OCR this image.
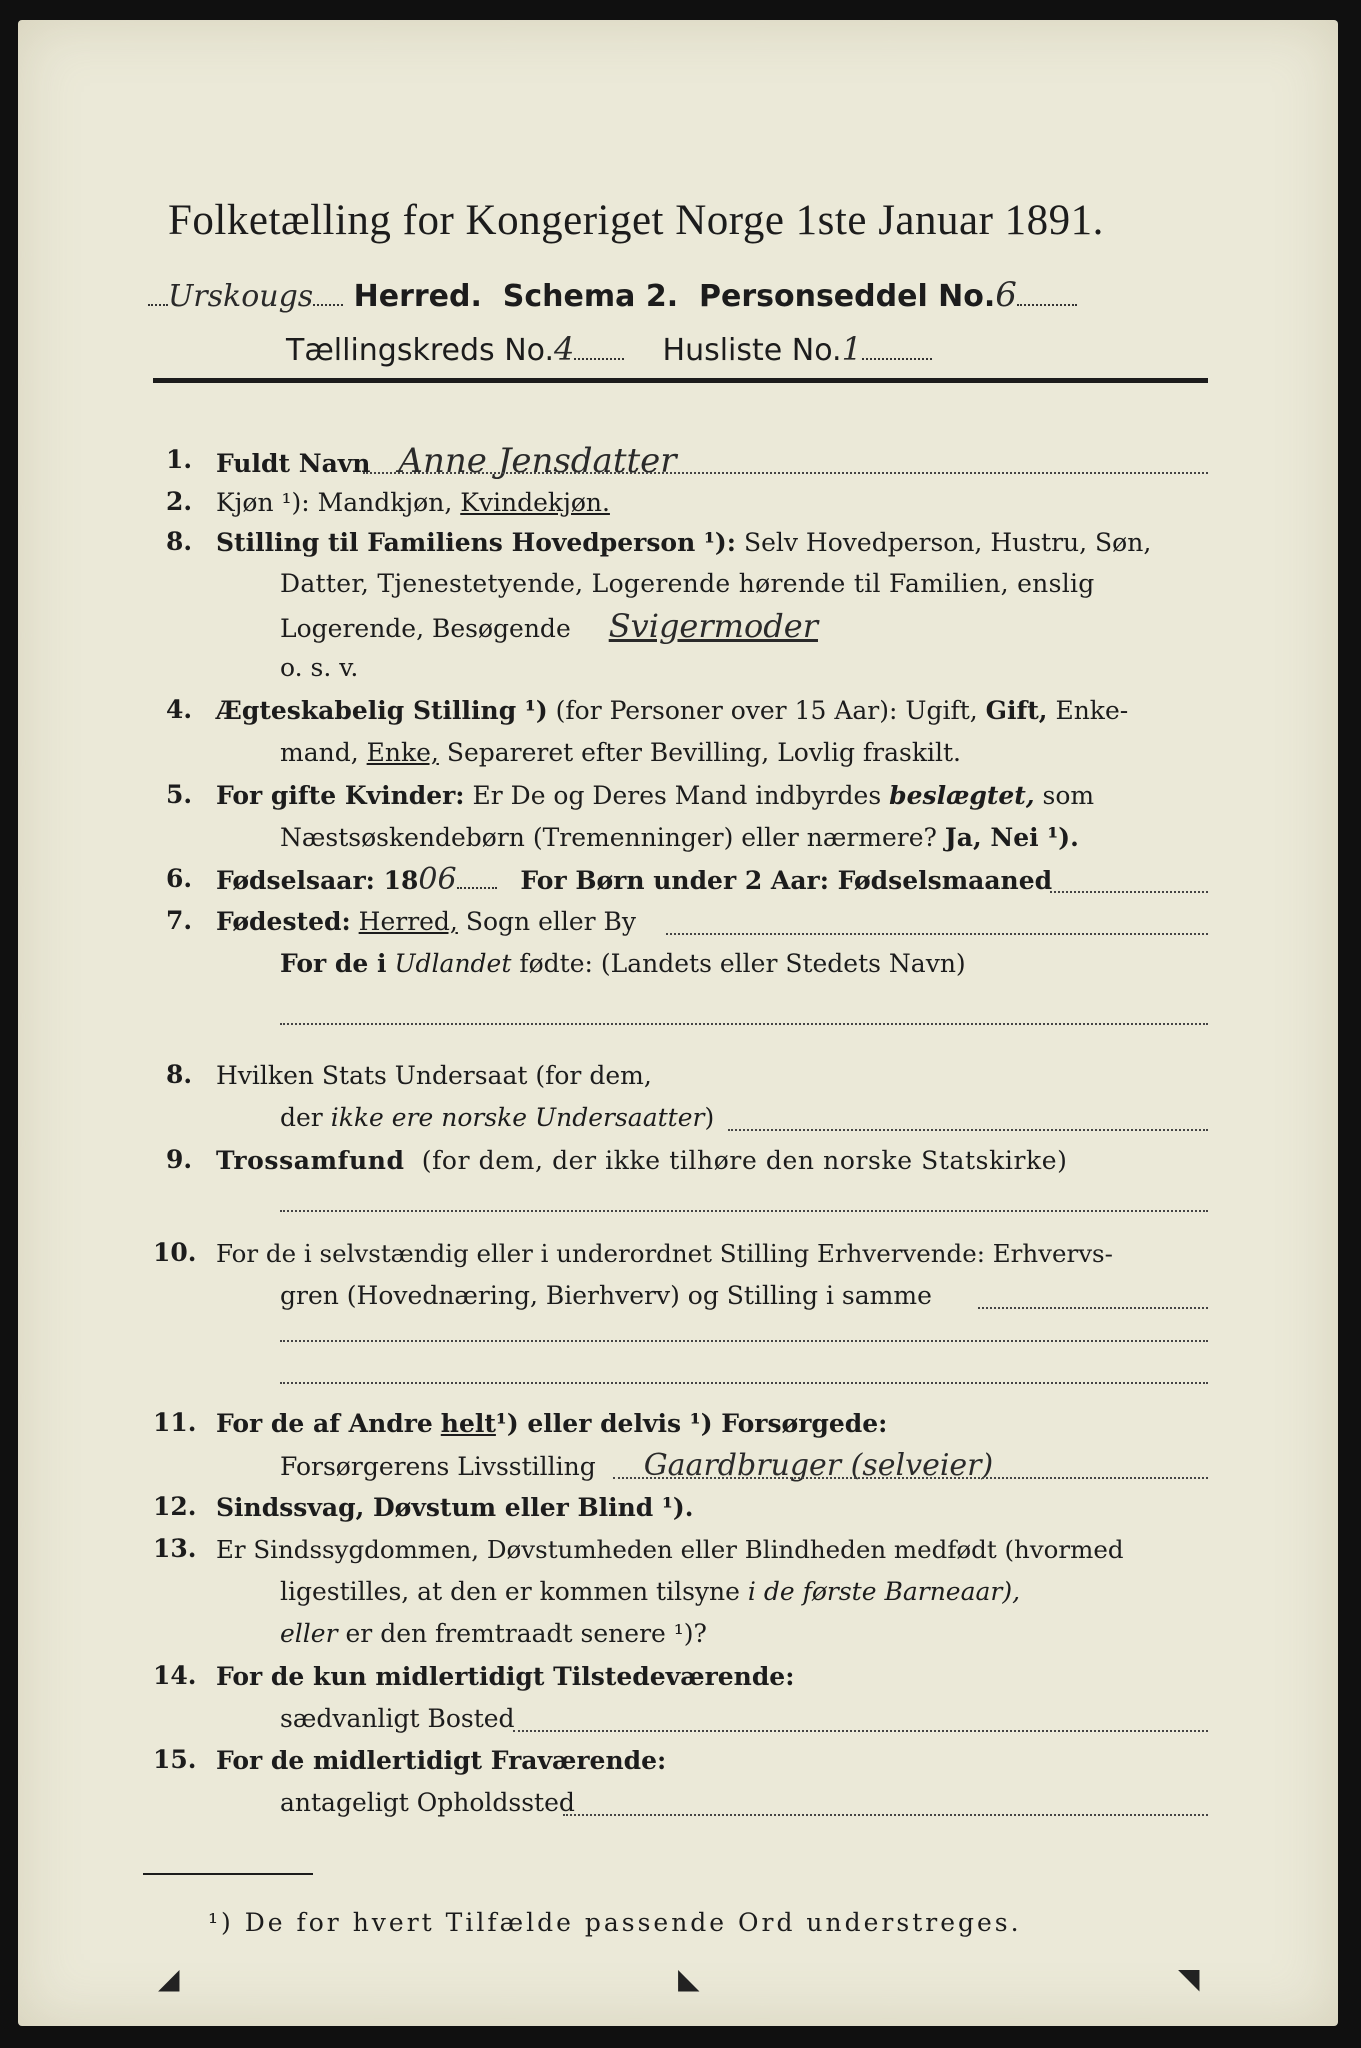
Folketælling for Kongeriget Norge 1ste Januar 1891.
Urskougs Herred. Schema 2. Personseddel No.6
Tællingskreds No.4	Husliste No.1
1. Fuldt Navn Anne Jensdatter
2. Kjøn ¹): Mandkjøn, Kvindekjøn.
8. Stilling til Familiens Hovedperson ¹): Selv Hovedperson, Hustru, Søn,
Datter, Tjenestetyende, Logerende hørende til Familien, enslig
Logerende, Besøgende Svigermoder
o. s. v.
4. Ægteskabelig Stilling ¹) (for Personer over 15 Aar): Ugift, Gift, Enke-
mand, Enke, Separeret efter Bevilling, Lovlig fraskilt.
5. For gifte Kvinder: Er De og Deres Mand indbyrdes beslægtet, som
Næstsøskendebørn (Tremenninger) eller nærmere? Ja, Nei ¹).
6. Fødselsaar: 1806	For Børn under 2 Aar: Fødselsmaaned
7. Fødested: Herred, Sogn eller By
For de i Udlandet fødte: (Landets eller Stedets Navn)
8. Hvilken Stats Undersaat (for dem,
der ikke ere norske Undersaatter)
9. Trossamfund (for dem, der ikke tilhøre den norske Statskirke)
10. For de i selvstændig eller i underordnet Stilling Erhvervende: Erhvervs-
gren (Hovednæring, Bierhverv) og Stilling i samme
11. For de af Andre helt¹) eller delvis ¹) Forsørgede:
Forsørgerens Livsstilling Gaardbruger (selveier)
12. Sindssvag, Døvstum eller Blind ¹).
13. Er Sindssygdommen, Døvstumheden eller Blindheden medfødt (hvormed
ligestilles, at den er kommen tilsyne i de første Barneaar),
eller er den fremtraadt senere ¹)?
14. For de kun midlertidigt Tilstedeværende:
sædvanligt Bosted
15. For de midlertidigt Fraværende:
antageligt Opholdssted
¹) De for hvert Tilfælde passende Ord understreges.
◢	◣	◥
